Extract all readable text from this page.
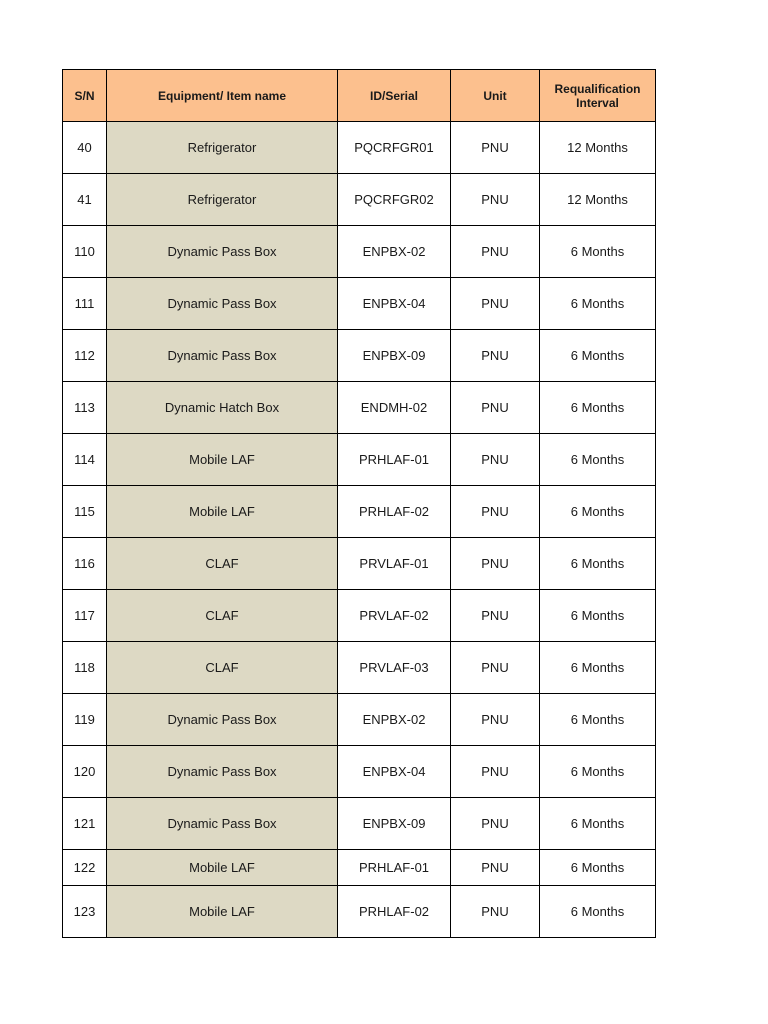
S/N	Equipment/ Item name	ID/Serial	Unit	Requalification Interval
40	Refrigerator	PQCRFGR01	PNU	12 Months
41	Refrigerator	PQCRFGR02	PNU	12 Months
110	Dynamic Pass Box	ENPBX-02	PNU	6 Months
111	Dynamic Pass Box	ENPBX-04	PNU	6 Months
112	Dynamic Pass Box	ENPBX-09	PNU	6 Months
113	Dynamic Hatch Box	ENDMH-02	PNU	6 Months
114	Mobile LAF	PRHLAF-01	PNU	6 Months
115	Mobile LAF	PRHLAF-02	PNU	6 Months
116	CLAF	PRVLAF-01	PNU	6 Months
117	CLAF	PRVLAF-02	PNU	6 Months
118	CLAF	PRVLAF-03	PNU	6 Months
119	Dynamic Pass Box	ENPBX-02	PNU	6 Months
120	Dynamic Pass Box	ENPBX-04	PNU	6 Months
121	Dynamic Pass Box	ENPBX-09	PNU	6 Months
122	Mobile LAF	PRHLAF-01	PNU	6 Months
123	Mobile LAF	PRHLAF-02	PNU	6 Months
